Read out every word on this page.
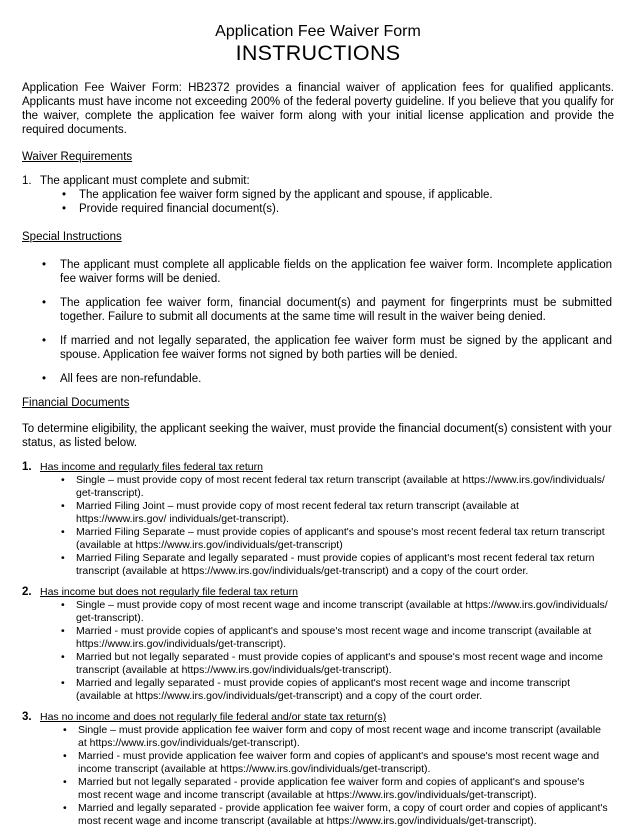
Application Fee Waiver Form

INSTRUCTIONS

Application Fee Waiver Form: HB2372 provides a financial waiver of application fees for qualified applicants. Applicants must have income not exceeding 200% of the federal poverty guideline. If you believe that you qualify for the waiver, complete the application fee waiver form along with your initial license application and provide the required documents.

Waiver Requirements
1. The applicant must complete and submit:
• The application fee waiver form signed by the applicant and spouse, if applicable.
• Provide required financial document(s).
Special Instructions
• The applicant must complete all applicable fields on the application fee waiver form. Incomplete application fee waiver forms will be denied.
• The application fee waiver form, financial document(s) and payment for fingerprints must be submitted together. Failure to submit all documents at the same time will result in the waiver being denied.
• If married and not legally separated, the application fee waiver form must be signed by the applicant and spouse. Application fee waiver forms not signed by both parties will be denied.
• All fees are non-refundable.
Financial Documents

To determine eligibility, the applicant seeking the waiver, must provide the financial document(s) consistent with your status, as listed below.

1. Has income and regularly files federal tax return
• Single – must provide copy of most recent federal tax return transcript (available at https://www.irs.gov/individuals/ get-transcript).
• Married Filing Joint – must provide copy of most recent federal tax return transcript (available at https://www.irs.gov/ individuals/get-transcript).
• Married Filing Separate – must provide copies of applicant's and spouse's most recent federal tax return transcript (available at https://www.irs.gov/individuals/get-transcript)
• Married Filing Separate and legally separated - must provide copies of applicant's most recent federal tax return transcript (available at https://www.irs.gov/individuals/get-transcript) and a copy of the court order.
2. Has income but does not regularly file federal tax return
• Single – must provide copy of most recent wage and income transcript (available at https://www.irs.gov/individuals/ get-transcript).
• Married - must provide copies of applicant's and spouse's most recent wage and income transcript (available at https://www.irs.gov/individuals/get-transcript).
• Married but not legally separated - must provide copies of applicant's and spouse's most recent wage and income transcript (available at https://www.irs.gov/individuals/get-transcript).
• Married and legally separated - must provide copies of applicant's most recent wage and income transcript (available at https://www.irs.gov/individuals/get-transcript) and a copy of the court order.
3. Has no income and does not regularly file federal and/or state tax return(s)
• Single – must provide application fee waiver form and copy of most recent wage and income transcript (available at https://www.irs.gov/individuals/get-transcript).
• Married - must provide application fee waiver form and copies of applicant's and spouse's most recent wage and income transcript (available at https://www.irs.gov/individuals/get-transcript).
• Married but not legally separated - provide application fee waiver form and copies of applicant's and spouse's most recent wage and income transcript (available at https://www.irs.gov/individuals/get-transcript).
• Married and legally separated - provide application fee waiver form, a copy of court order and copies of applicant's most recent wage and income transcript (available at https://www.irs.gov/individuals/get-transcript).
